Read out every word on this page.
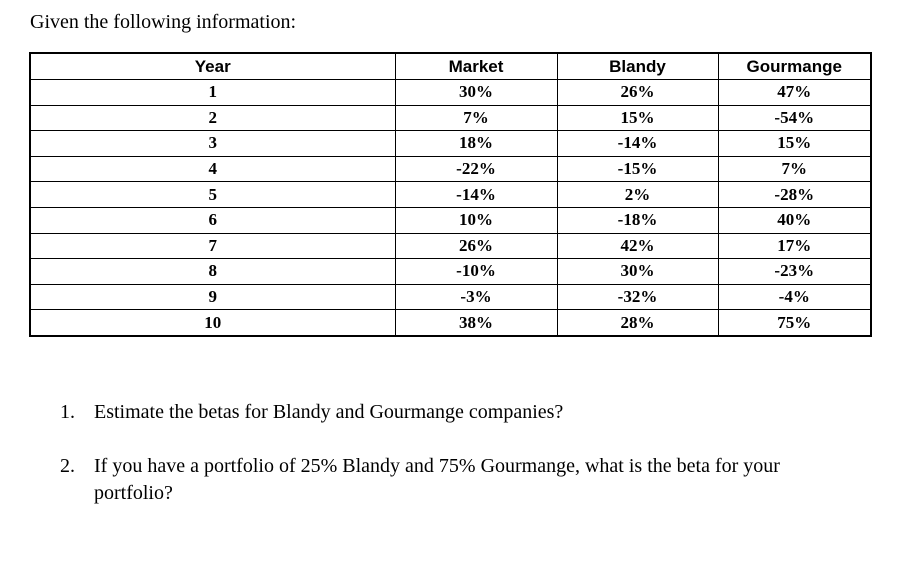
Given the following information:

Year	Market	Blandy	Gourmange
1	30%	26%	47%
2	7%	15%	-54%
3	18%	-14%	15%
4	-22%	-15%	7%
5	-14%	2%	-28%
6	10%	-18%	40%
7	26%	42%	17%
8	-10%	30%	-23%
9	-3%	-32%	-4%
10	38%	28%	75%
1. Estimate the betas for Blandy and Gourmange companies?
2. If you have a portfolio of 25% Blandy and 75% Gourmange, what is the beta for your portfolio?
